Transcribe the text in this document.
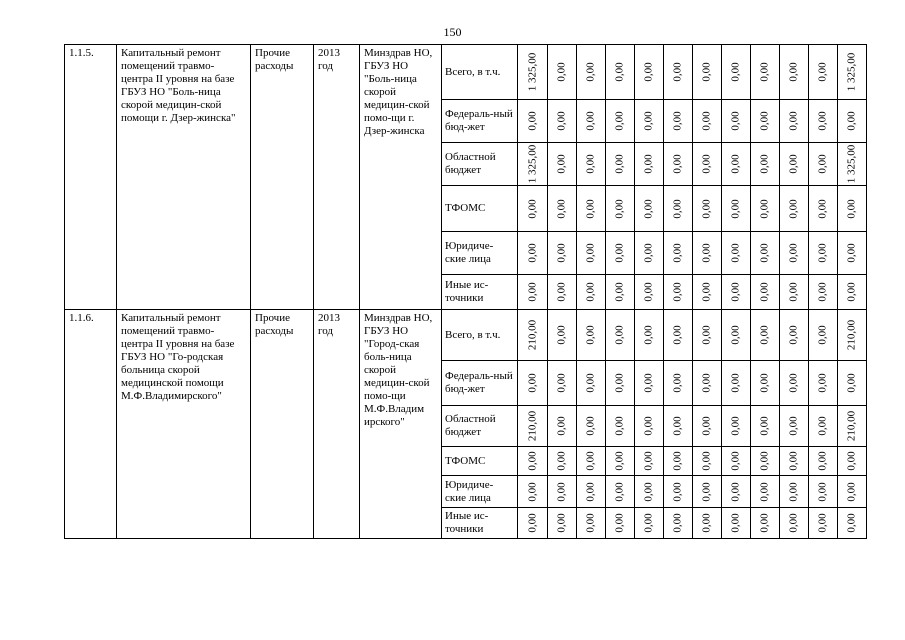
150
1.1.5.	Капитальный ремонт помещений травмо-центра II уровня на базе ГБУЗ НО "Боль-ница скорой медицин-ской помощи г. Дзер-жинска"	Прочие расходы	2013 год	Минздрав НО, ГБУЗ НО "Боль-ница скорой медицин-ской помо-щи г. Дзер-жинска	Всего, в т.ч.	1 325,00	0,00	0,00	0,00	0,00	0,00	0,00	0,00	0,00	0,00	0,00	1 325,00

					Федераль-ный бюд-жет	0,00	0,00	0,00	0,00	0,00	0,00	0,00	0,00	0,00	0,00	0,00	0,00

					Областной бюджет	1 325,00	0,00	0,00	0,00	0,00	0,00	0,00	0,00	0,00	0,00	0,00	1 325,00

					ТФОМС	0,00	0,00	0,00	0,00	0,00	0,00	0,00	0,00	0,00	0,00	0,00	0,00

					Юридиче-ские лица	0,00	0,00	0,00	0,00	0,00	0,00	0,00	0,00	0,00	0,00	0,00	0,00

					Иные ис-точники	0,00	0,00	0,00	0,00	0,00	0,00	0,00	0,00	0,00	0,00	0,00	0,00

1.1.6.	Капитальный ремонт помещений травмо-центра II уровня на базе ГБУЗ НО "Го-родская больница скорой медицинской помощи М.Ф.Владимирского"	Прочие расходы	2013 год	Минздрав НО, ГБУЗ НО "Город-ская боль-ница скорой медицин-ской помо-щи М.Ф.Владим ирского"	Всего, в т.ч.	210,00	0,00	0,00	0,00	0,00	0,00	0,00	0,00	0,00	0,00	0,00	210,00

					Федераль-ный бюд-жет	0,00	0,00	0,00	0,00	0,00	0,00	0,00	0,00	0,00	0,00	0,00	0,00

					Областной бюджет	210,00	0,00	0,00	0,00	0,00	0,00	0,00	0,00	0,00	0,00	0,00	210,00

					ТФОМС	0,00	0,00	0,00	0,00	0,00	0,00	0,00	0,00	0,00	0,00	0,00	0,00

					Юридиче-ские лица	0,00	0,00	0,00	0,00	0,00	0,00	0,00	0,00	0,00	0,00	0,00	0,00

					Иные ис-точники	0,00	0,00	0,00	0,00	0,00	0,00	0,00	0,00	0,00	0,00	0,00	0,00
